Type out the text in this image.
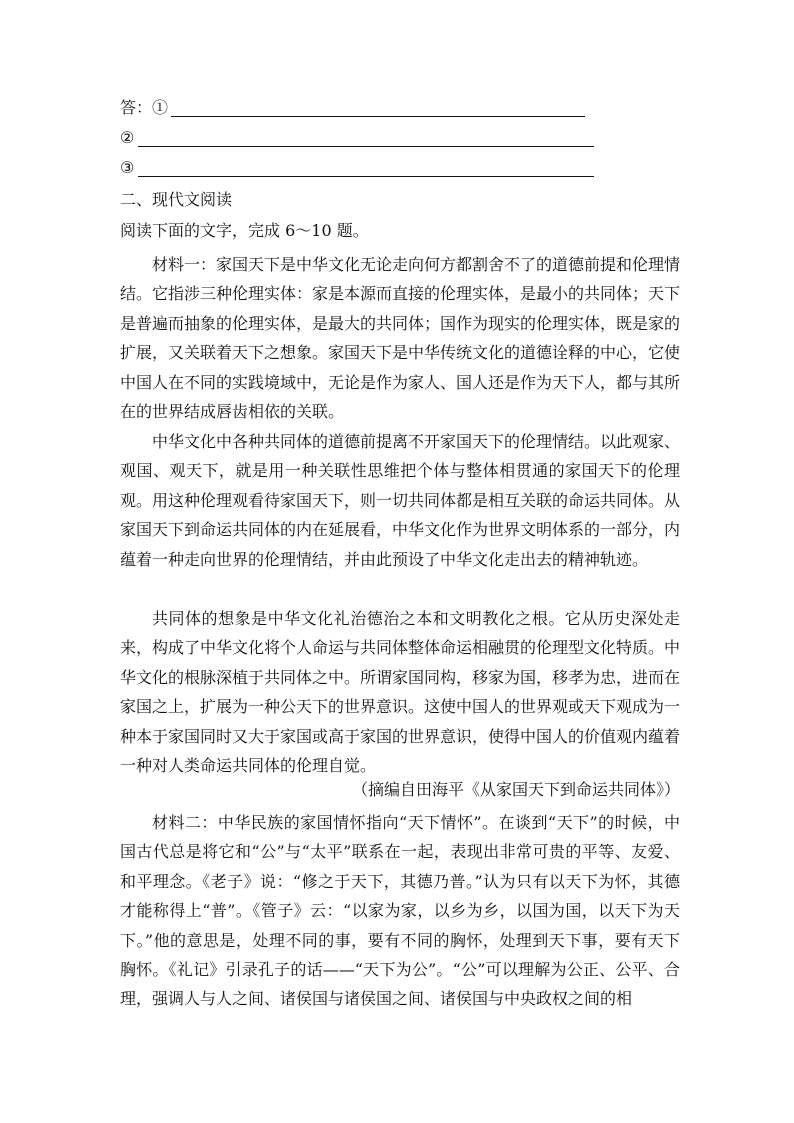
答：①
②
③
二、现代文阅读
阅读下面的文字，完成 6～10 题。

材料一：家国天下是中华文化无论走向何方都割舍不了的道德前提和伦理情结。它指涉三种伦理实体：家是本源而直接的伦理实体，是最小的共同体；天下是普遍而抽象的伦理实体，是最大的共同体；国作为现实的伦理实体，既是家的扩展，又关联着天下之想象。家国天下是中华传统文化的道德诠释的中心，它使中国人在不同的实践境域中，无论是作为家人、国人还是作为天下人，都与其所在的世界结成唇齿相依的关联。

中华文化中各种共同体的道德前提离不开家国天下的伦理情结。以此观家、观国、观天下，就是用一种关联性思维把个体与整体相贯通的家国天下的伦理观。用这种伦理观看待家国天下，则一切共同体都是相互关联的命运共同体。从家国天下到命运共同体的内在延展看，中华文化作为世界文明体系的一部分，内蕴着一种走向世界的伦理情结，并由此预设了中华文化走出去的精神轨迹。

共同体的想象是中华文化礼治德治之本和文明教化之根。它从历史深处走来，构成了中华文化将个人命运与共同体整体命运相融贯的伦理型文化特质。中华文化的根脉深植于共同体之中。所谓家国同构，移家为国，移孝为忠，进而在家国之上，扩展为一种公天下的世界意识。这使中国人的世界观或天下观成为一种本于家国同时又大于家国或高于家国的世界意识，使得中国人的价值观内蕴着一种对人类命运共同体的伦理自觉。

（摘编自田海平《从家国天下到命运共同体》）

材料二：中华民族的家国情怀指向“天下情怀”。在谈到“天下”的时候，中国古代总是将它和“公”与“太平”联系在一起，表现出非常可贵的平等、友爱、和平理念。《老子》说：“修之于天下，其德乃普。”认为只有以天下为怀，其德才能称得上“普”。《管子》云：“以家为家，以乡为乡，以国为国，以天下为天下。”他的意思是，处理不同的事，要有不同的胸怀，处理到天下事，要有天下胸怀。《礼记》引录孔子的话——“天下为公”。“公”可以理解为公正、公平、合理，强调人与人之间、诸侯国与诸侯国之间、诸侯国与中央政权之间的相
